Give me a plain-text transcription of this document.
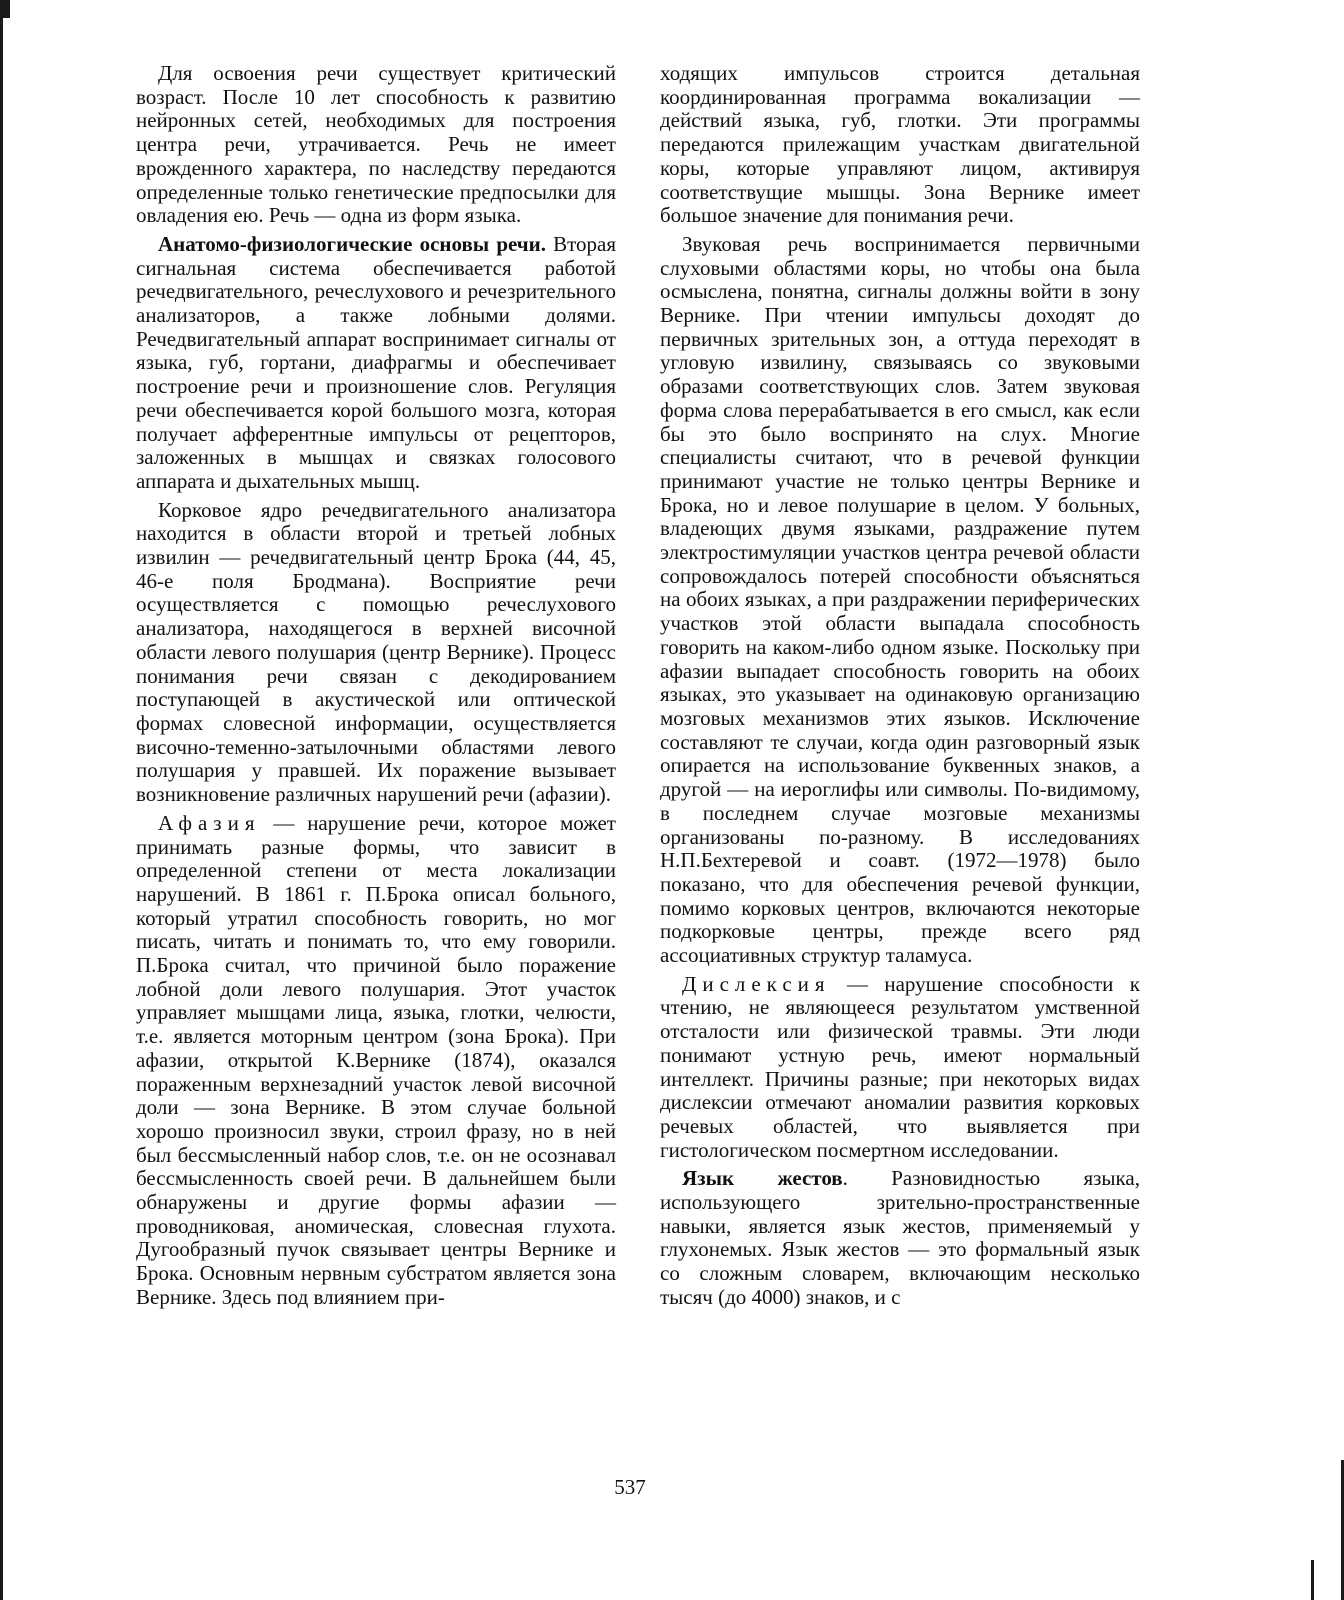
Для освоения речи существует критический возраст. После 10 лет способность к развитию нейронных сетей, необходимых для построения центра речи, утрачивается. Речь не имеет врожденного характера, по наследству передаются определенные только генетические предпосылки для овладения ею. Речь — одна из форм языка.

Анатомо-физиологические основы речи. Вторая сигнальная система обеспечивается работой речедвигательного, речеслухового и речезрительного анализаторов, а также лобными долями. Речедвигательный аппарат воспринимает сигналы от языка, губ, гортани, диафрагмы и обеспечивает построение речи и произношение слов. Регуляция речи обеспечивается корой большого мозга, которая получает афферентные импульсы от рецепторов, заложенных в мышцах и связках голосового аппарата и дыхательных мышц.

Корковое ядро речедвигательного анализатора находится в области второй и третьей лобных извилин — речедвигательный центр Брока (44, 45, 46-е поля Бродмана). Восприятие речи осуществляется с помощью речеслухового анализатора, находящегося в верхней височной области левого полушария (центр Вернике). Процесс понимания речи связан с декодированием поступающей в акустической или оптической формах словесной информации, осуществляется височно-теменно-затылочными областями левого полушария у правшей. Их поражение вызывает возникновение различных нарушений речи (афазии).

Афазия — нарушение речи, которое может принимать разные формы, что зависит в определенной степени от места локализации нарушений. В 1861 г. П.Брока описал больного, который утратил способность говорить, но мог писать, читать и понимать то, что ему говорили. П.Брока считал, что причиной было поражение лобной доли левого полушария. Этот участок управляет мышцами лица, языка, глотки, челюсти, т.е. является моторным центром (зона Брока). При афазии, открытой К.Вернике (1874), оказался пораженным верхнезадний участок левой височной доли — зона Вернике. В этом случае больной хорошо произносил звуки, строил фразу, но в ней был бессмысленный набор слов, т.е. он не осознавал бессмысленность своей речи. В дальнейшем были обнаружены и другие формы афазии — проводниковая, аномическая, словесная глухота. Дугообразный пучок связывает центры Вернике и Брока. Основным нервным субстратом является зона Вернике. Здесь под влиянием при-

ходящих импульсов строится детальная координированная программа вокализации — действий языка, губ, глотки. Эти программы передаются прилежащим участкам двигательной коры, которые управляют лицом, активируя соответствущие мышцы. Зона Вернике имеет большое значение для понимания речи.

Звуковая речь воспринимается первичными слуховыми областями коры, но чтобы она была осмыслена, понятна, сигналы должны войти в зону Вернике. При чтении импульсы доходят до первичных зрительных зон, а оттуда переходят в угловую извилину, связываясь со звуковыми образами соответствующих слов. Затем звуковая форма слова перерабатывается в его смысл, как если бы это было воспринято на слух. Многие специалисты считают, что в речевой функции принимают участие не только центры Вернике и Брока, но и левое полушарие в целом. У больных, владеющих двумя языками, раздражение путем электростимуляции участков центра речевой области сопровождалось потерей способности объясняться на обоих языках, а при раздражении периферических участков этой области выпадала способность говорить на каком-либо одном языке. Поскольку при афазии выпадает способность говорить на обоих языках, это указывает на одинаковую организацию мозговых механизмов этих языков. Исключение составляют те случаи, когда один разговорный язык опирается на использование буквенных знаков, а другой — на иероглифы или символы. По-видимому, в последнем случае мозговые механизмы организованы по-разному. В исследованиях Н.П.Бехтеревой и соавт. (1972—1978) было показано, что для обеспечения речевой функции, помимо корковых центров, включаются некоторые подкорковые центры, прежде всего ряд ассоциативных структур таламуса.

Дислексия — нарушение способности к чтению, не являющееся результатом умственной отсталости или физической травмы. Эти люди понимают устную речь, имеют нормальный интеллект. Причины разные; при некоторых видах дислексии отмечают аномалии развития корковых речевых областей, что выявляется при гистологическом посмертном исследовании.

Язык жестов. Разновидностью языка, использующего зрительно-пространственные навыки, является язык жестов, применяемый у глухонемых. Язык жестов — это формальный язык со сложным словарем, включающим несколько тысяч (до 4000) знаков, и с

537
